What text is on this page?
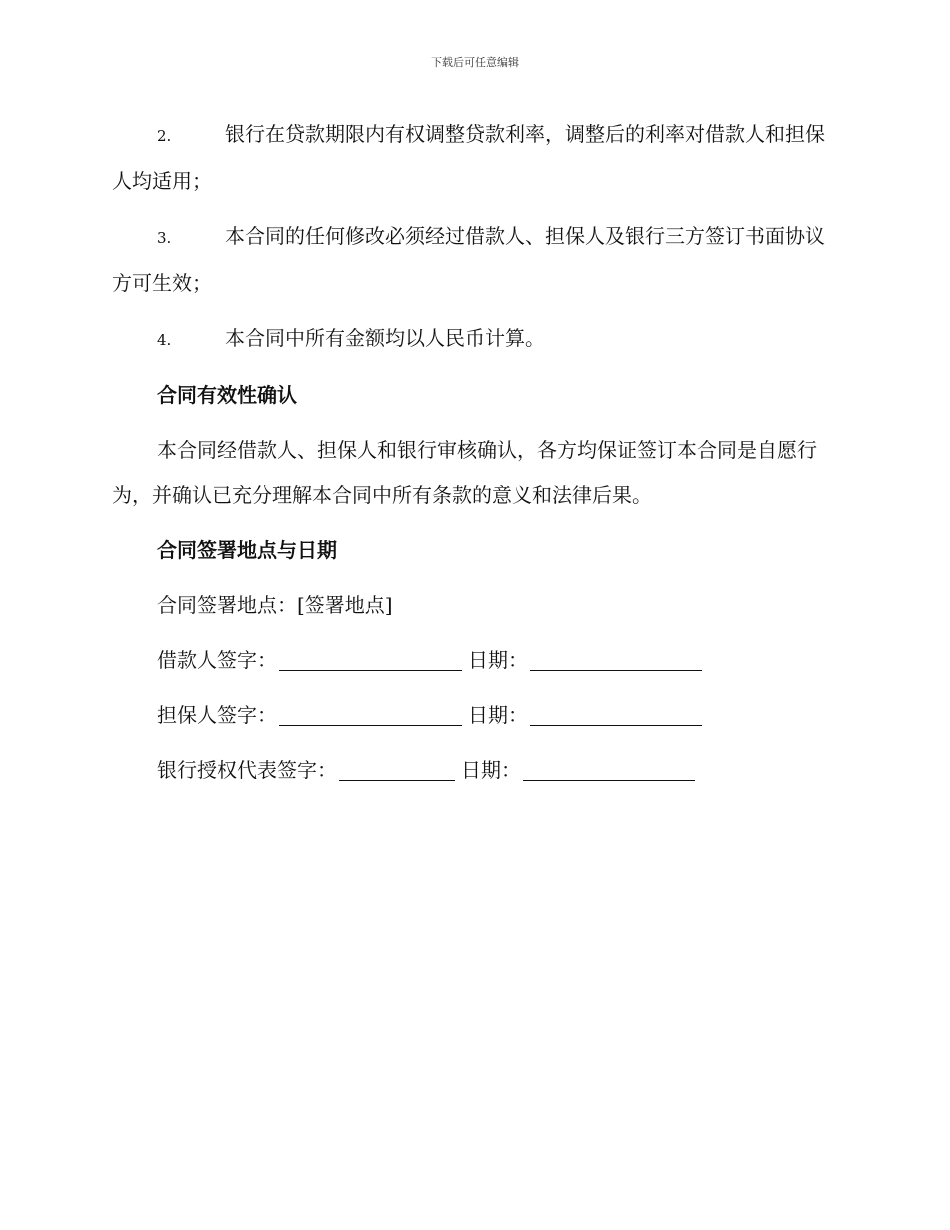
下载后可任意编辑
2.	银行在贷款期限内有权调整贷款利率，调整后的利率对借款人和担保人均适用；
3.	本合同的任何修改必须经过借款人、担保人及银行三方签订书面协议方可生效；
4.	本合同中所有金额均以人民币计算。
合同有效性确认
本合同经借款人、担保人和银行审核确认，各方均保证签订本合同是自愿行为，并确认已充分理解本合同中所有条款的意义和法律后果。
合同签署地点与日期
合同签署地点：[签署地点]
借款人签字：	日期：
担保人签字：	日期：
银行授权代表签字：	日期：
